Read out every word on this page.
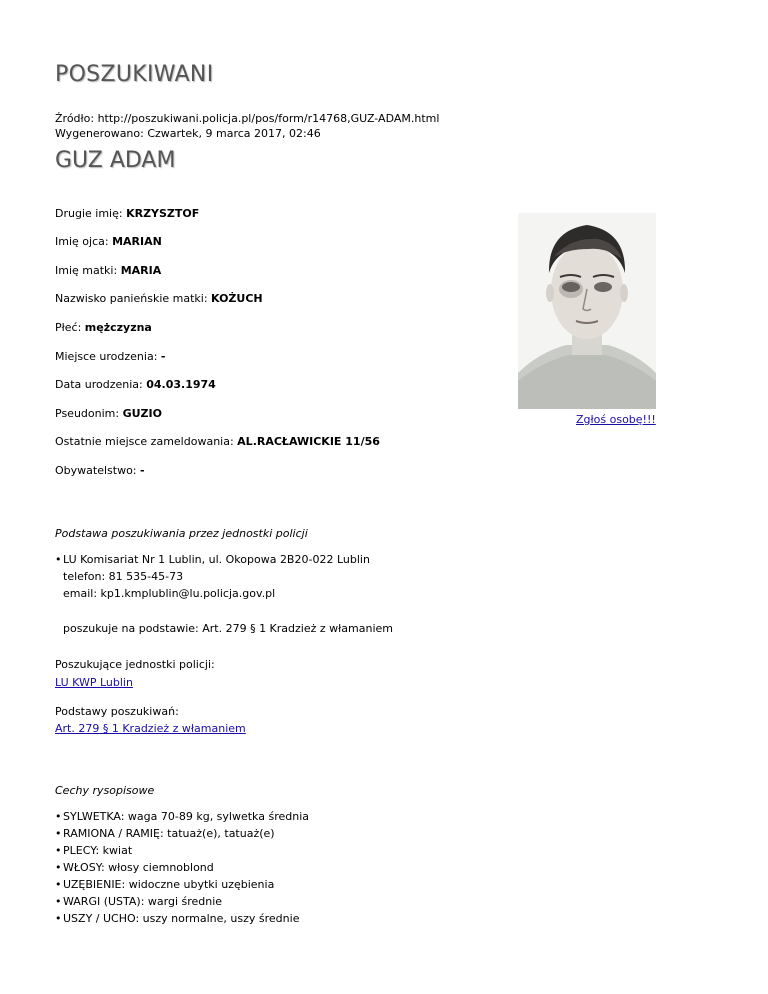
POSZUKIWANI
Źródło: http://poszukiwani.policja.pl/pos/form/r14768,GUZ-ADAM.html
Wygenerowano: Czwartek, 9 marca 2017, 02:46
GUZ ADAM
Drugie imię: KRZYSZTOF
Imię ojca: MARIAN
Imię matki: MARIA
Nazwisko panieńskie matki: KOŻUCH
Płeć: mężczyzna
Miejsce urodzenia: -
Data urodzenia: 04.03.1974
Pseudonim: GUZIO
Ostatnie miejsce zameldowania: AL.RACŁAWICKIE 11/56
Obywatelstwo: -
Zgłoś osobę!!!
Podstawa poszukiwania przez jednostki policji
• LU Komisariat Nr 1 Lublin, ul. Okopowa 2B20-022 Lublin
telefon: 81 535-45-73
email: kp1.kmplublin@lu.policja.gov.pl
poszukuje na podstawie: Art. 279 § 1 Kradzież z włamaniem
Poszukujące jednostki policji:
LU KWP Lublin
Podstawy poszukiwań:
Art. 279 § 1 Kradzież z włamaniem
Cechy rysopisowe
• SYLWETKA: waga 70-89 kg, sylwetka średnia
• RAMIONA / RAMIĘ: tatuaż(e), tatuaż(e)
• PLECY: kwiat
• WŁOSY: włosy ciemnoblond
• UZĘBIENIE: widoczne ubytki uzębienia
• WARGI (USTA): wargi średnie
• USZY / UCHO: uszy normalne, uszy średnie
